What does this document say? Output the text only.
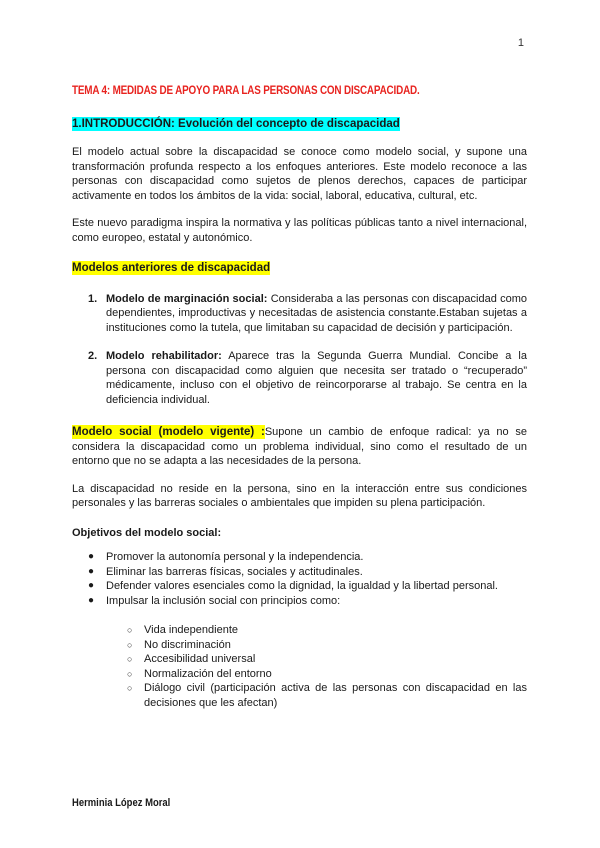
1
TEMA 4: MEDIDAS DE APOYO PARA LAS PERSONAS CON DISCAPACIDAD.
1.INTRODUCCIÓN: Evolución del concepto de discapacidad

El modelo actual sobre la discapacidad se conoce como modelo social, y supone una transformación profunda respecto a los enfoques anteriores. Este modelo reconoce a las personas con discapacidad como sujetos de plenos derechos, capaces de participar activamente en todos los ámbitos de la vida: social, laboral, educativa, cultural, etc.

Este nuevo paradigma inspira la normativa y las políticas públicas tanto a nivel internacional, como europeo, estatal y autonómico.

Modelos anteriores de discapacidad
1. Modelo de marginación social: Consideraba a las personas con discapacidad como dependientes, improductivas y necesitadas de asistencia constante.Estaban sujetas a instituciones como la tutela, que limitaban su capacidad de decisión y participación.
2. Modelo rehabilitador: Aparece tras la Segunda Guerra Mundial. Concibe a la persona con discapacidad como alguien que necesita ser tratado o “recuperado” médicamente, incluso con el objetivo de reincorporarse al trabajo. Se centra en la deficiencia individual.

Modelo social (modelo vigente) :Supone un cambio de enfoque radical: ya no se considera la discapacidad como un problema individual, sino como el resultado de un entorno que no se adapta a las necesidades de la persona.

La discapacidad no reside en la persona, sino en la interacción entre sus condiciones personales y las barreras sociales o ambientales que impiden su plena participación.

Objetivos del modelo social:
● Promover la autonomía personal y la independencia.
● Eliminar las barreras físicas, sociales y actitudinales.
● Defender valores esenciales como la dignidad, la igualdad y la libertad personal.
● Impulsar la inclusión social con principios como:
○ Vida independiente
○ No discriminación
○ Accesibilidad universal
○ Normalización del entorno
○ Diálogo civil (participación activa de las personas con discapacidad en las decisiones que les afectan)
Herminia López Moral
